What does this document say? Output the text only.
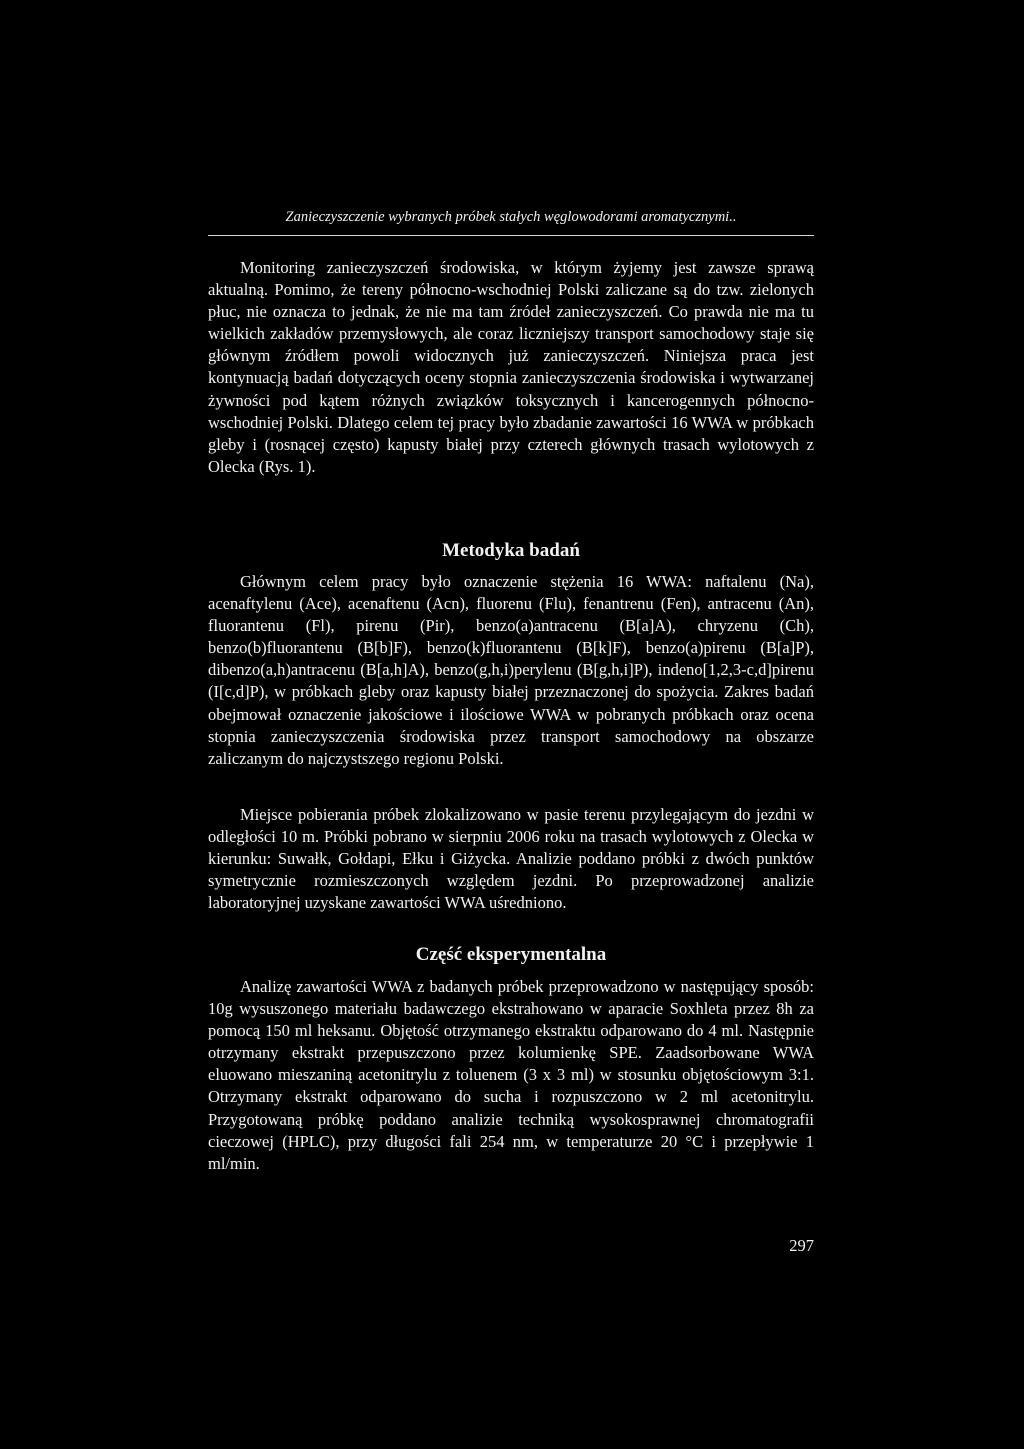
Zanieczyszczenie wybranych próbek stałych węglowodorami aromatycznymi..

Monitoring zanieczyszczeń środowiska, w którym żyjemy jest zawsze sprawą aktualną. Pomimo, że tereny północno-wschodniej Polski zaliczane są do tzw. zielonych płuc, nie oznacza to jednak, że nie ma tam źródeł zanieczyszczeń. Co prawda nie ma tu wielkich zakładów przemysłowych, ale coraz liczniejszy transport samochodowy staje się głównym źródłem powoli widocznych już zanieczyszczeń. Niniejsza praca jest kontynuacją badań dotyczących oceny stopnia zanieczyszczenia środowiska i wytwarzanej żywności pod kątem różnych związków toksycznych i kancerogennych północno-wschodniej Polski. Dlatego celem tej pracy było zbadanie zawartości 16 WWA w próbkach gleby i (rosnącej często) kapusty białej przy czterech głównych trasach wylotowych z Olecka (Rys. 1).

Metodyka badań

Głównym celem pracy było oznaczenie stężenia 16 WWA: naftalenu (Na), acenaftylenu (Ace), acenaftenu (Acn), fluorenu (Flu), fenantrenu (Fen), antracenu (An), fluorantenu (Fl), pirenu (Pir), benzo(a)antracenu (B[a]A), chryzenu (Ch), benzo(b)fluorantenu (B[b]F), benzo(k)fluorantenu (B[k]F), benzo(a)pirenu (B[a]P), dibenzo(a,h)antracenu (B[a,h]A), benzo(g,h,i)perylenu (B[g,h,i]P), indeno[1,2,3-c,d]pirenu (I[c,d]P), w próbkach gleby oraz kapusty białej przeznaczonej do spożycia. Zakres badań obejmował oznaczenie jakościowe i ilościowe WWA w pobranych próbkach oraz ocena stopnia zanieczyszczenia środowiska przez transport samochodowy na obszarze zaliczanym do najczystszego regionu Polski.

Miejsce pobierania próbek zlokalizowano w pasie terenu przylegającym do jezdni w odległości 10 m. Próbki pobrano w sierpniu 2006 roku na trasach wylotowych z Olecka w kierunku: Suwałk, Gołdapi, Ełku i Giżycka. Analizie poddano próbki z dwóch punktów symetrycznie rozmieszczonych względem jezdni. Po przeprowadzonej analizie laboratoryjnej uzyskane zawartości WWA uśredniono.

Część eksperymentalna

Analizę zawartości WWA z badanych próbek przeprowadzono w następujący sposób: 10g wysuszonego materiału badawczego ekstrahowano w aparacie Soxhleta przez 8h za pomocą 150 ml heksanu. Objętość otrzymanego ekstraktu odparowano do 4 ml. Następnie otrzymany ekstrakt przepuszczono przez kolumienkę SPE. Zaadsorbowane WWA eluowano mieszaniną acetonitrylu z toluenem (3 x 3 ml) w stosunku objętościowym 3:1. Otrzymany ekstrakt odparowano do sucha i rozpuszczono w 2 ml acetonitrylu. Przygotowaną próbkę poddano analizie techniką wysokosprawnej chromatografii cieczowej (HPLC), przy długości fali 254 nm, w temperaturze 20 °C i przepływie 1 ml/min.

297
